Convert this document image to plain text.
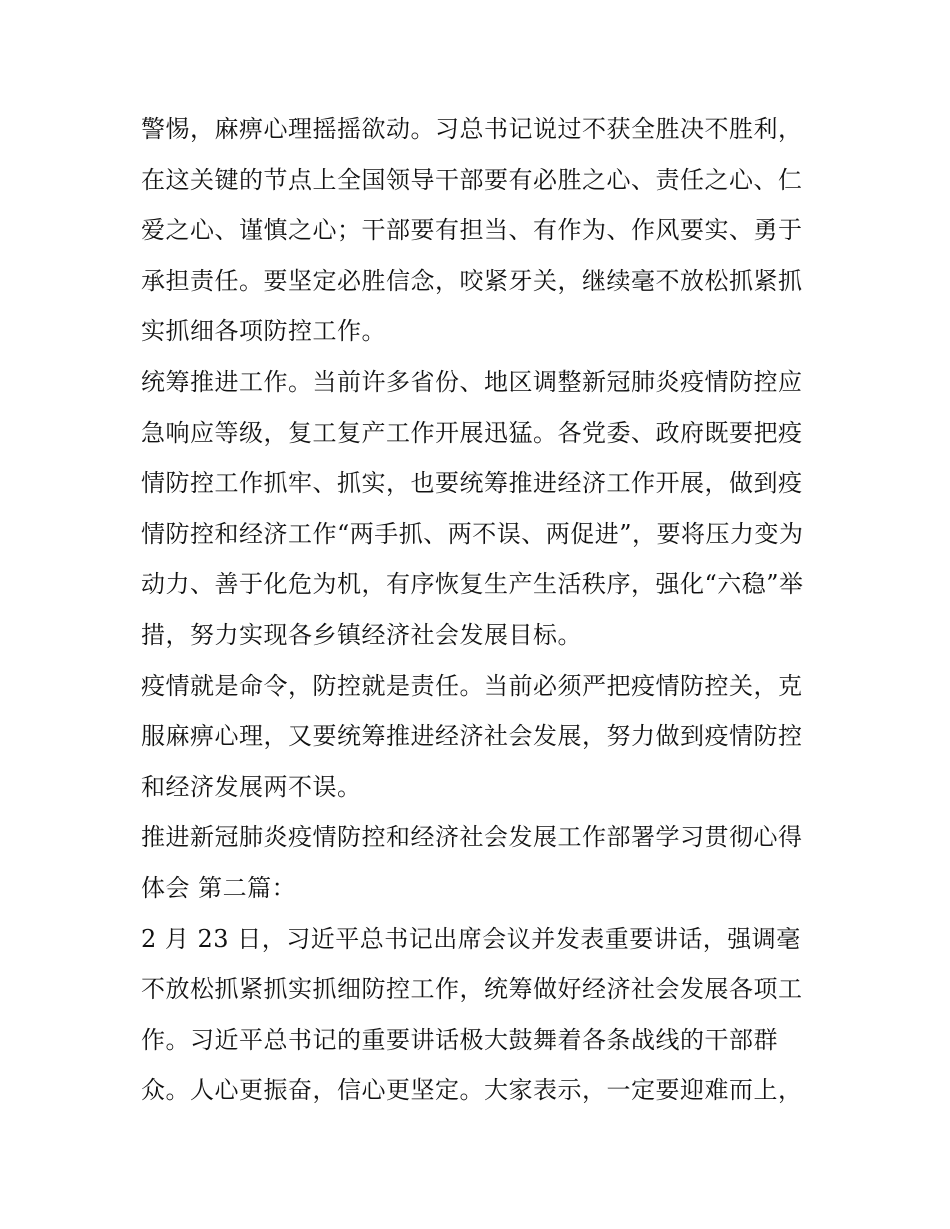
警惕，麻痹心理摇摇欲动。习总书记说过不获全胜决不胜利，
在这关键的节点上全国领导干部要有必胜之心、责任之心、仁
爱之心、谨慎之心；干部要有担当、有作为、作风要实、勇于
承担责任。要坚定必胜信念，咬紧牙关，继续毫不放松抓紧抓
实抓细各项防控工作。
统筹推进工作。当前许多省份、地区调整新冠肺炎疫情防控应
急响应等级，复工复产工作开展迅猛。各党委、政府既要把疫
情防控工作抓牢、抓实，也要统筹推进经济工作开展，做到疫
情防控和经济工作“两手抓、两不误、两促进”，要将压力变为
动力、善于化危为机，有序恢复生产生活秩序，强化“六稳”举
措，努力实现各乡镇经济社会发展目标。
疫情就是命令，防控就是责任。当前必须严把疫情防控关，克
服麻痹心理，又要统筹推进经济社会发展，努力做到疫情防控
和经济发展两不误。
推进新冠肺炎疫情防控和经济社会发展工作部署学习贯彻心得
体会 第二篇：
2 月 23 日，习近平总书记出席会议并发表重要讲话，强调毫
不放松抓紧抓实抓细防控工作，统筹做好经济社会发展各项工
作。习近平总书记的重要讲话极大鼓舞着各条战线的干部群
众。人心更振奋，信心更坚定。大家表示，一定要迎难而上，
